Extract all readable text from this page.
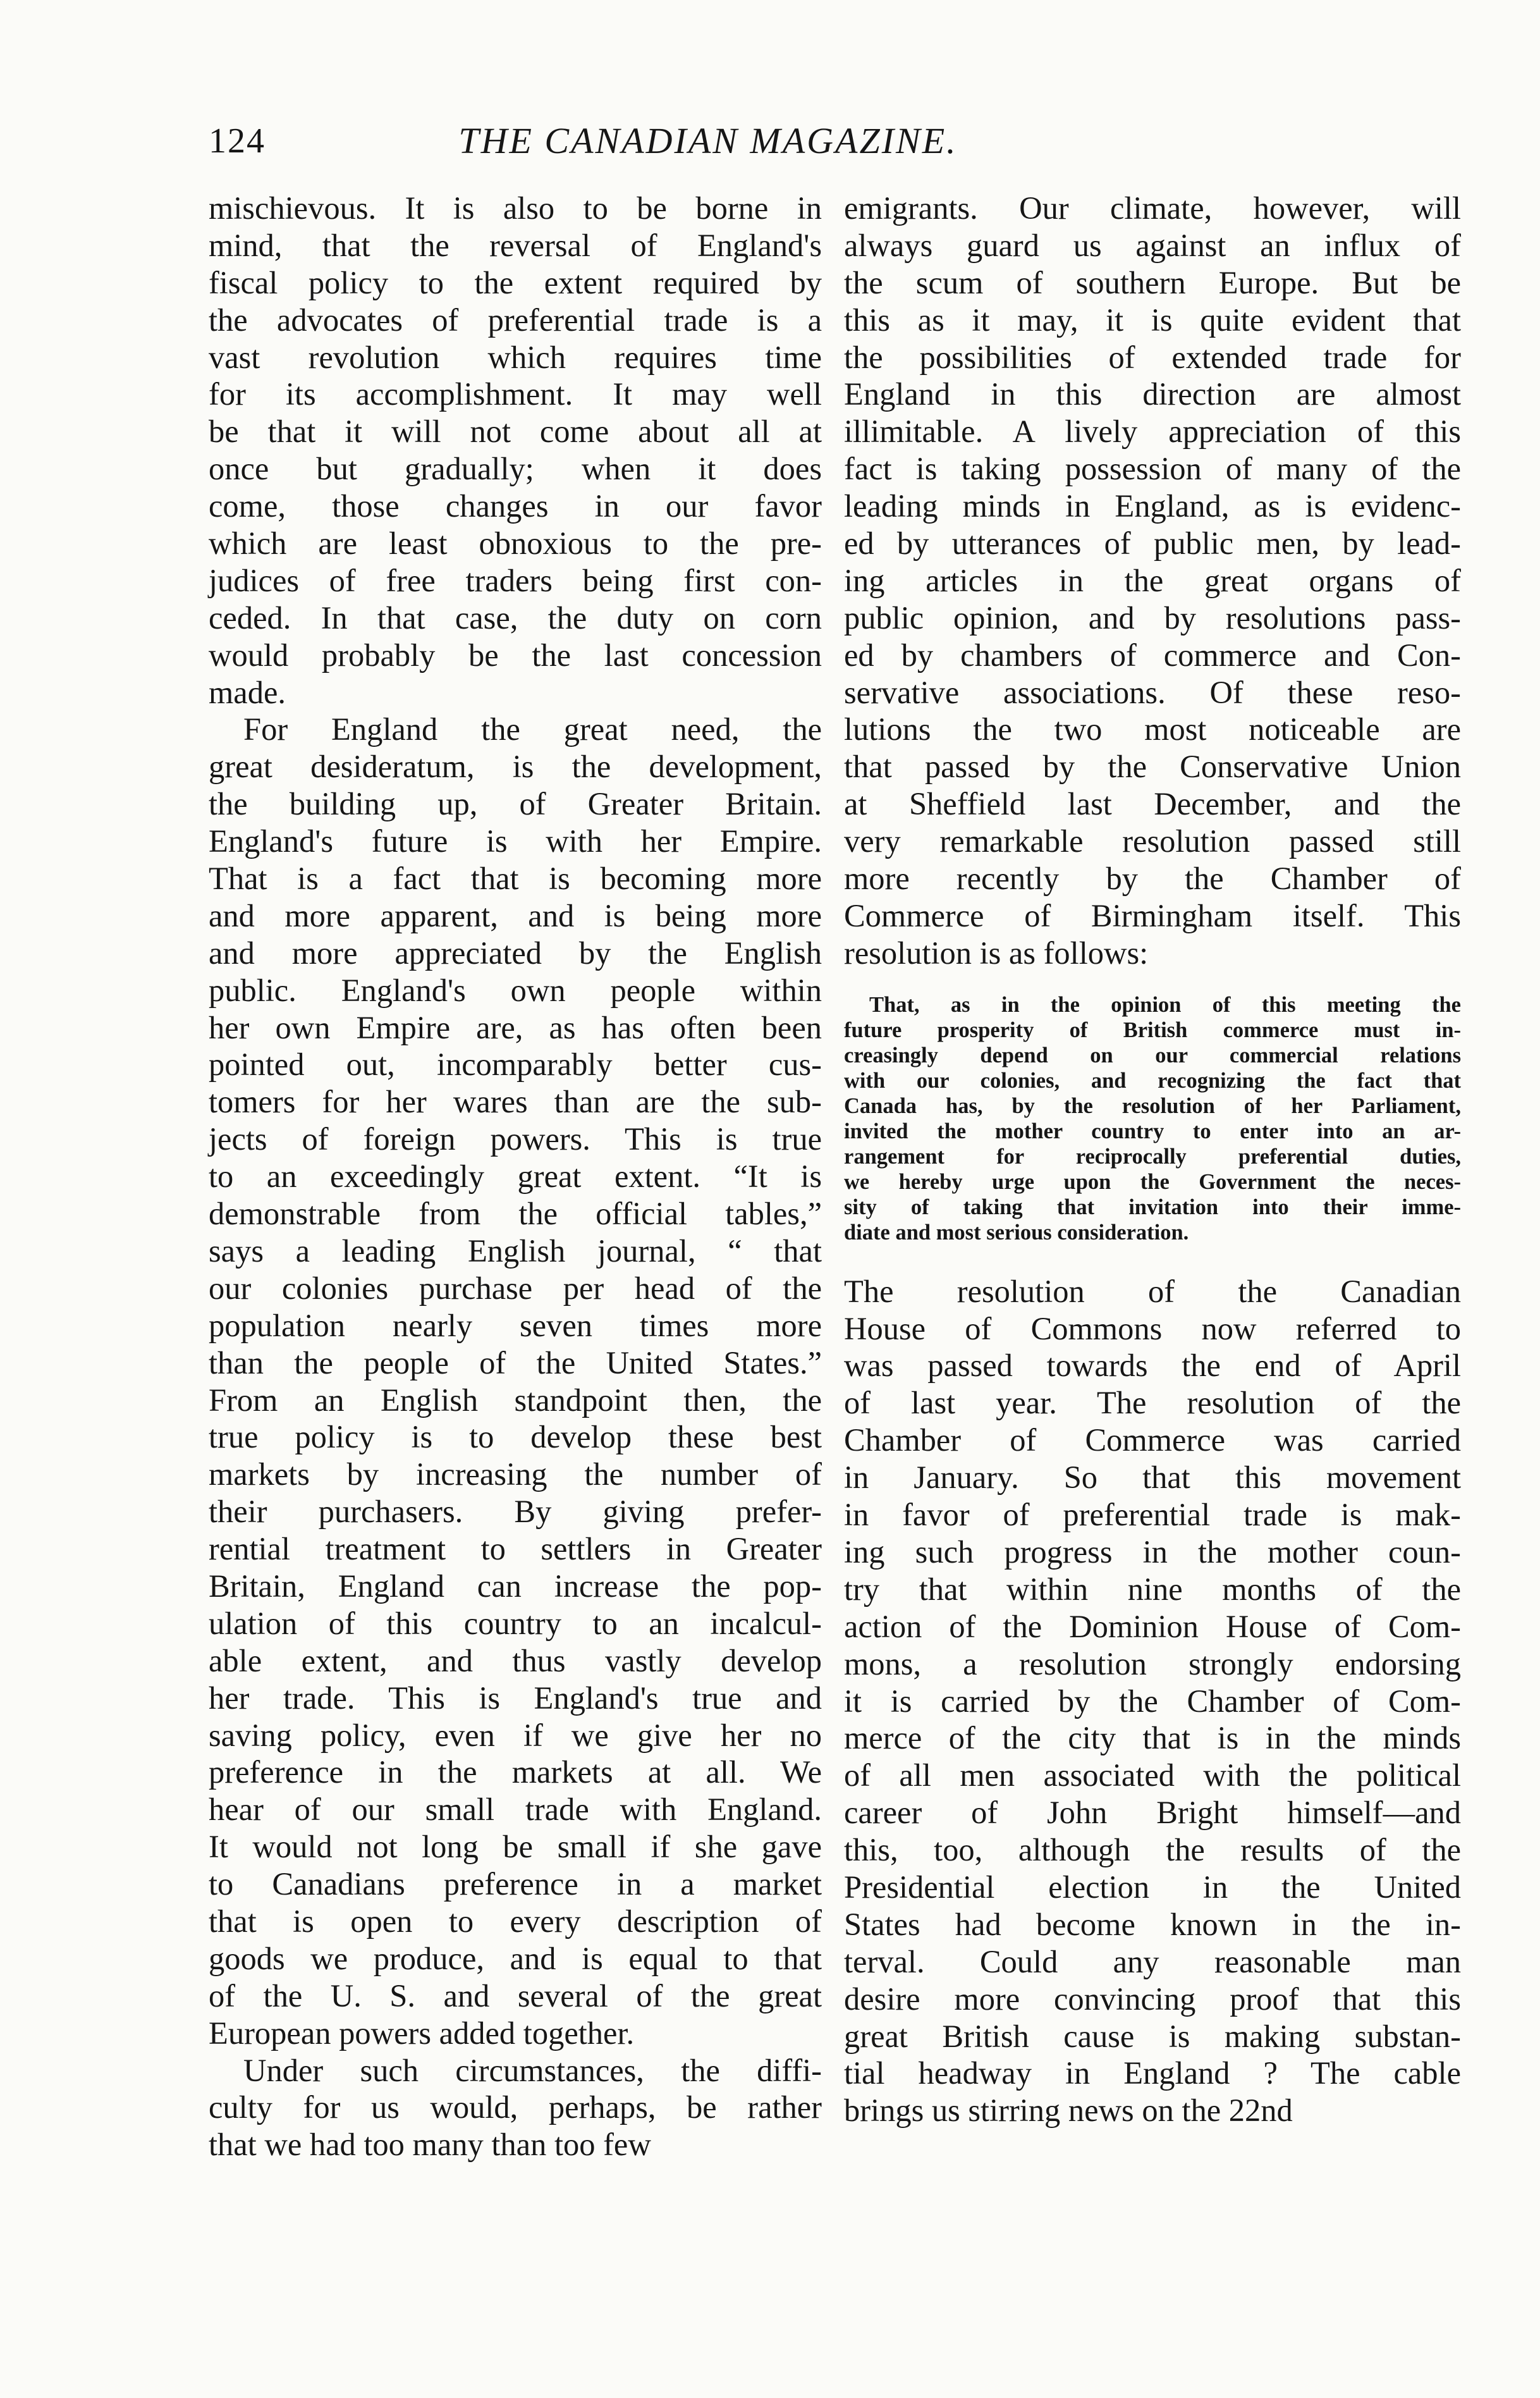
124	THE CANADIAN MAGAZINE.
mischievous. It is also to be borne in
mind, that the reversal of England's
fiscal policy to the extent required by
the advocates of preferential trade is a
vast revolution which requires time
for its accomplishment. It may well
be that it will not come about all at
once but gradually; when it does
come, those changes in our favor
which are least obnoxious to the pre-
judices of free traders being first con-
ceded. In that case, the duty on corn
would probably be the last concession
made.
For England the great need, the
great desideratum, is the development,
the building up, of Greater Britain.
England's future is with her Empire.
That is a fact that is becoming more
and more apparent, and is being more
and more appreciated by the English
public. England's own people within
her own Empire are, as has often been
pointed out, incomparably better cus-
tomers for her wares than are the sub-
jects of foreign powers. This is true
to an exceedingly great extent. “It is
demonstrable from the official tables,”
says a leading English journal, “ that
our colonies purchase per head of the
population nearly seven times more
than the people of the United States.”
From an English standpoint then, the
true policy is to develop these best
markets by increasing the number of
their purchasers. By giving prefer-
rential treatment to settlers in Greater
Britain, England can increase the pop-
ulation of this country to an incalcul-
able extent, and thus vastly develop
her trade. This is England's true and
saving policy, even if we give her no
preference in the markets at all. We
hear of our small trade with England.
It would not long be small if she gave
to Canadians preference in a market
that is open to every description of
goods we produce, and is equal to that
of the U. S. and several of the great
European powers added together.
Under such circumstances, the diffi-
culty for us would, perhaps, be rather
that we had too many than too few
emigrants. Our climate, however, will
always guard us against an influx of
the scum of southern Europe. But be
this as it may, it is quite evident that
the possibilities of extended trade for
England in this direction are almost
illimitable. A lively appreciation of this
fact is taking possession of many of the
leading minds in England, as is evidenc-
ed by utterances of public men, by lead-
ing articles in the great organs of
public opinion, and by resolutions pass-
ed by chambers of commerce and Con-
servative associations. Of these reso-
lutions the two most noticeable are
that passed by the Conservative Union
at Sheffield last December, and the
very remarkable resolution passed still
more recently by the Chamber of
Commerce of Birmingham itself. This
resolution is as follows:
That, as in the opinion of this meeting the
future prosperity of British commerce must in-
creasingly depend on our commercial relations
with our colonies, and recognizing the fact that
Canada has, by the resolution of her Parliament,
invited the mother country to enter into an ar-
rangement for reciprocally preferential duties,
we hereby urge upon the Government the neces-
sity of taking that invitation into their imme-
diate and most serious consideration.
The resolution of the Canadian
House of Commons now referred to
was passed towards the end of April
of last year. The resolution of the
Chamber of Commerce was carried
in January. So that this movement
in favor of preferential trade is mak-
ing such progress in the mother coun-
try that within nine months of the
action of the Dominion House of Com-
mons, a resolution strongly endorsing
it is carried by the Chamber of Com-
merce of the city that is in the minds
of all men associated with the political
career of John Bright himself—and
this, too, although the results of the
Presidential election in the United
States had become known in the in-
terval. Could any reasonable man
desire more convincing proof that this
great British cause is making substan-
tial headway in England ? The cable
brings us stirring news on the 22nd
